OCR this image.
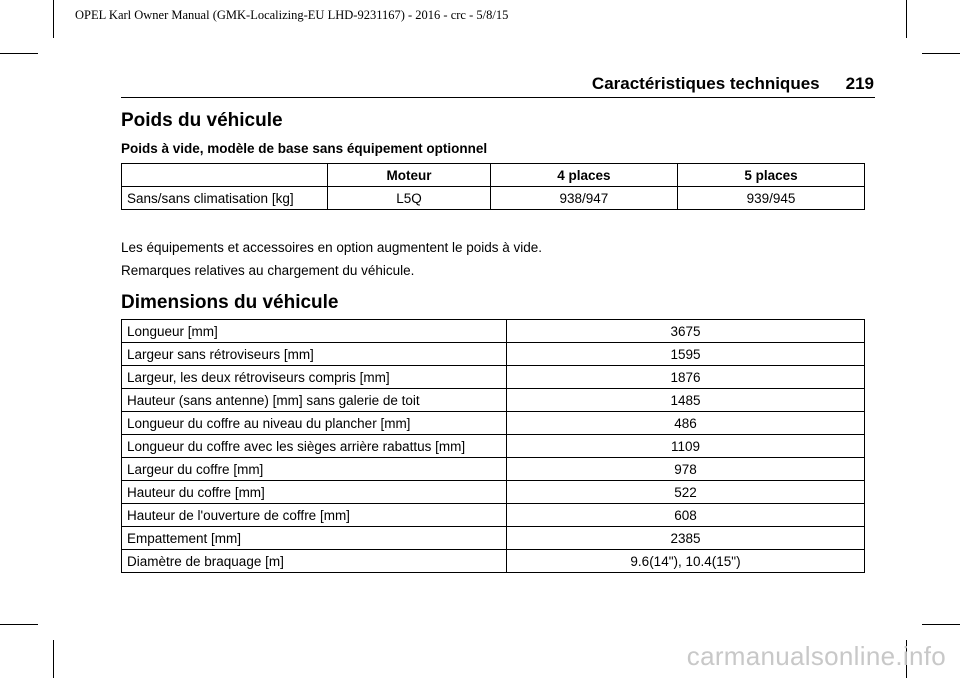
OPEL Karl Owner Manual (GMK-Localizing-EU LHD-9231167) - 2016 - crc - 5/8/15
Caractéristiques techniques 219
Poids du véhicule
Poids à vide, modèle de base sans équipement optionnel
	Moteur	4 places	5 places
Sans/sans climatisation [kg]	L5Q	938/947	939/945
Les équipements et accessoires en option augmentent le poids à vide.
Remarques relatives au chargement du véhicule.
Dimensions du véhicule
Longueur [mm]	3675
Largeur sans rétroviseurs [mm]	1595
Largeur, les deux rétroviseurs compris [mm]	1876
Hauteur (sans antenne) [mm] sans galerie de toit	1485
Longueur du coffre au niveau du plancher [mm]	486
Longueur du coffre avec les sièges arrière rabattus [mm]	1109
Largeur du coffre [mm]	978
Hauteur du coffre [mm]	522
Hauteur de l'ouverture de coffre [mm]	608
Empattement [mm]	2385
Diamètre de braquage [m]	9.6(14"), 10.4(15")
carmanualsonline.info
